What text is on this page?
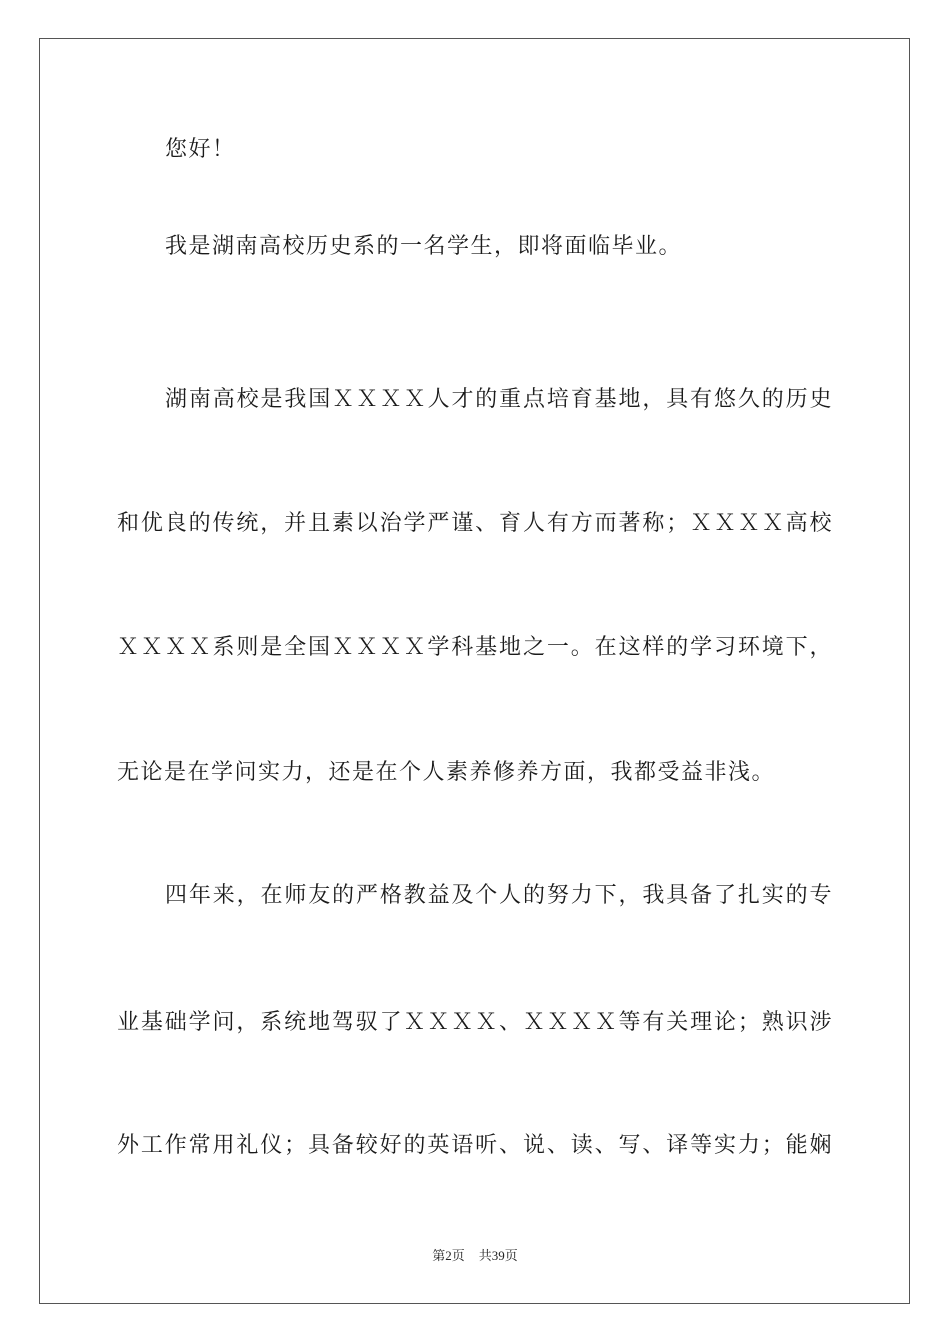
您好！
我是湖南高校历史系的一名学生，即将面临毕业。
湖南高校是我国ＸＸＸＸ人才的重点培育基地，具有悠久的历史
和优良的传统，并且素以治学严谨、育人有方而著称；ＸＸＸＸ高校
ＸＸＸＸ系则是全国ＸＸＸＸ学科基地之一。在这样的学习环境下，
无论是在学问实力，还是在个人素养修养方面，我都受益非浅。
四年来，在师友的严格教益及个人的努力下，我具备了扎实的专
业基础学问，系统地驾驭了ＸＸＸＸ、ＸＸＸＸ等有关理论；熟识涉
外工作常用礼仪；具备较好的英语听、说、读、写、译等实力；能娴
第2页 共39页
